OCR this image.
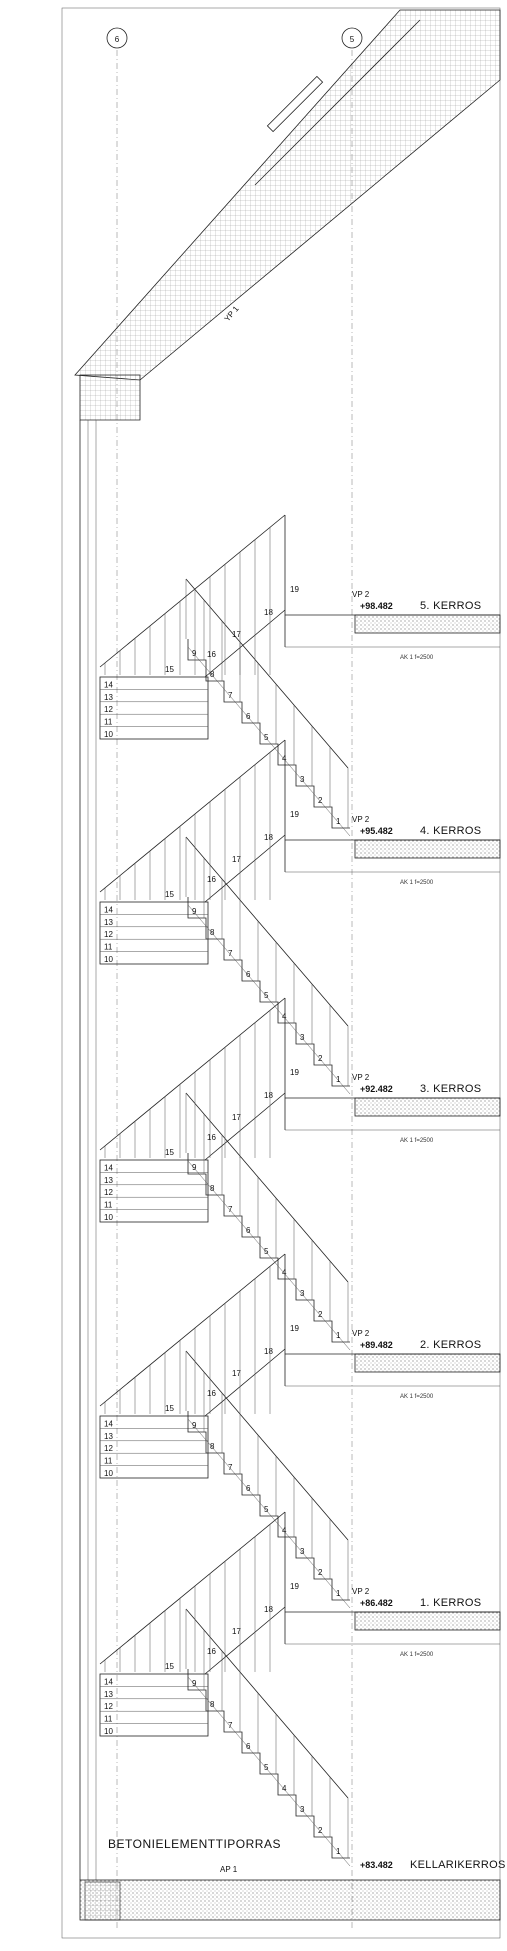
6	5
YP 1
1
2
3
4
5
6
7
8
9
10
11
12
13
14
15
16
17
18
19
1
2
3
4
5
6
7
8
9
10
11
12
13
14
15
16
17
18
19
1
2
3
4
5
6
7
8
9
10
11
12
13
14
15
16
17
18
19
1
2
3
4
5
6
7
8
9
10
11
12
13
14
15
16
17
18
19
1
2
3
4
5
6
7
8
9
10
11
12
13
14
15
16
17
18
19
+98.482 5. KERROS
VP 2
AK 1 f=2500
+95.482 4. KERROS
VP 2
AK 1 f=2500
+92.482 3. KERROS
VP 2
AK 1 f=2500
+89.482 2. KERROS
VP 2
AK 1 f=2500
+86.482 1. KERROS
VP 2
AK 1 f=2500
+83.482 KELLARIKERROS
BETONIELEMENTTIPORRAS
AP 1
